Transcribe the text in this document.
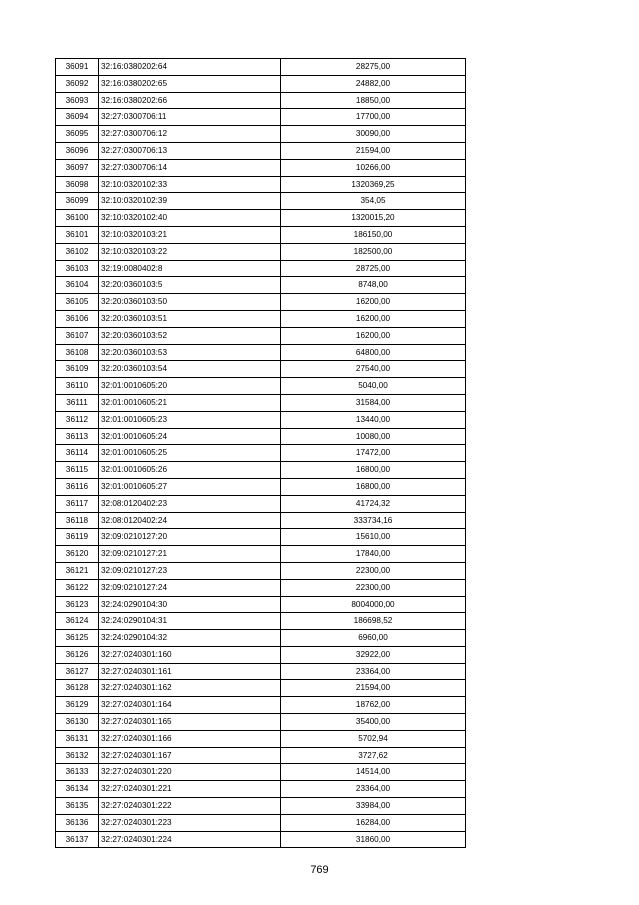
36091	32:16:0380202:64	28275,00
36092	32:16:0380202:65	24882,00
36093	32:16:0380202:66	18850,00
36094	32:27:0300706:11	17700,00
36095	32:27:0300706:12	30090,00
36096	32:27:0300706:13	21594,00
36097	32:27:0300706:14	10266,00
36098	32:10:0320102:33	1320369,25
36099	32:10:0320102:39	354,05
36100	32:10:0320102:40	1320015,20
36101	32:10:0320103:21	186150,00
36102	32:10:0320103:22	182500,00
36103	32:19:0080402:8	28725,00
36104	32:20:0360103:5	8748,00
36105	32:20:0360103:50	16200,00
36106	32:20:0360103:51	16200,00
36107	32:20:0360103:52	16200,00
36108	32:20:0360103:53	64800,00
36109	32:20:0360103:54	27540,00
36110	32:01:0010605:20	5040,00
36111	32:01:0010605:21	31584,00
36112	32:01:0010605:23	13440,00
36113	32:01:0010605:24	10080,00
36114	32:01:0010605:25	17472,00
36115	32:01:0010605:26	16800,00
36116	32:01:0010605:27	16800,00
36117	32:08:0120402:23	41724,32
36118	32:08:0120402:24	333734,16
36119	32:09:0210127:20	15610,00
36120	32:09:0210127:21	17840,00
36121	32:09:0210127:23	22300,00
36122	32:09:0210127:24	22300,00
36123	32:24:0290104:30	8004000,00
36124	32:24:0290104:31	186698,52
36125	32:24:0290104:32	6960,00
36126	32:27:0240301:160	32922,00
36127	32:27:0240301:161	23364,00
36128	32:27:0240301:162	21594,00
36129	32:27:0240301:164	18762,00
36130	32:27:0240301:165	35400,00
36131	32:27:0240301:166	5702,94
36132	32:27:0240301:167	3727,62
36133	32:27:0240301:220	14514,00
36134	32:27:0240301:221	23364,00
36135	32:27:0240301:222	33984,00
36136	32:27:0240301:223	16284,00
36137	32:27:0240301:224	31860,00
769
